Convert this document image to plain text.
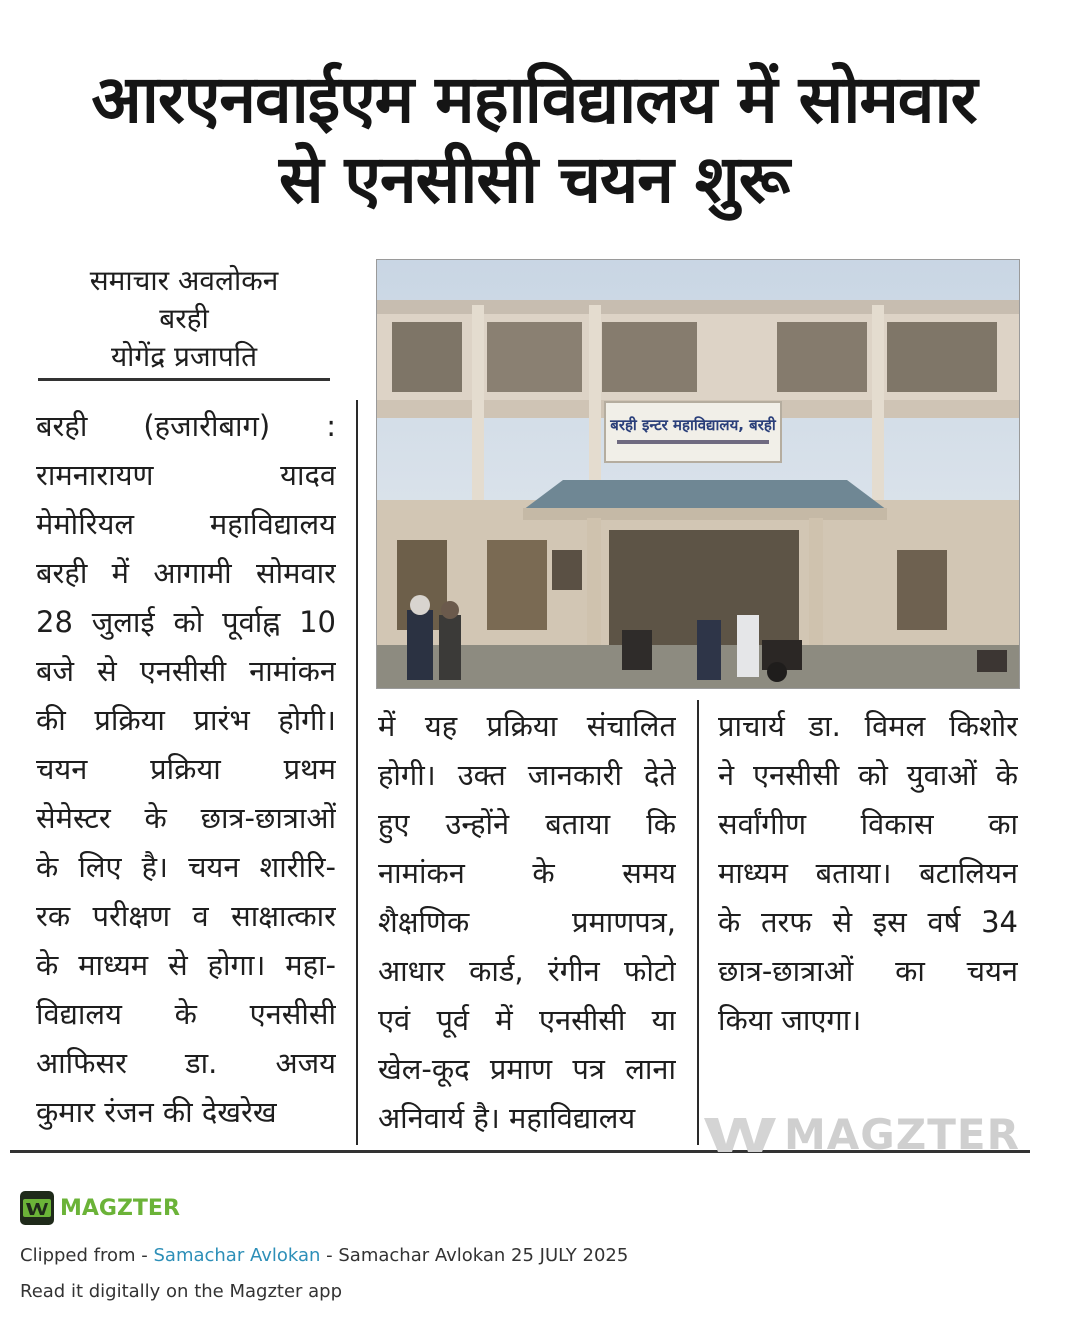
आरएनवाईएम महाविद्यालय में सोमवार
से एनसीसी चयन शुरू
समाचार अवलोकन
बरही
योगेंद्र प्रजापति
बरही (हजारीबाग) :
रामनारायण यादव
मेमोरियल महाविद्यालय
बरही में आगामी सोमवार
28 जुलाई को पूर्वाह्न 10
बजे से एनसीसी नामांकन
की प्रक्रिया प्रारंभ होगी।
चयन प्रक्रिया प्रथम
सेमेस्टर के छात्र-छात्राओं
के लिए है। चयन शारीरि-
रक परीक्षण व साक्षात्कार
के माध्यम से होगा। महा-
विद्यालय के एनसीसी
आफिसर डा. अजय
कुमार रंजन की देखरेख
में यह प्रक्रिया संचालित
होगी। उक्त जानकारी देते
हुए उन्होंने बताया कि
नामांकन के समय
शैक्षणिक प्रमाणपत्र,
आधार कार्ड, रंगीन फोटो
एवं पूर्व में एनसीसी या
खेल-कूद प्रमाण पत्र लाना
अनिवार्य है। महाविद्यालय
प्राचार्य डा. विमल किशोर
ने एनसीसी को युवाओं के
सर्वांगीण विकास का
माध्यम बताया। बटालियन
के तरफ से इस वर्ष 34
छात्र-छात्राओं का चयन
किया जाएगा।
बरही इन्टर महाविद्यालय, बरही
MAGZTER
MAGZTER
Clipped from - Samachar Avlokan - Samachar Avlokan 25 JULY 2025
Read it digitally on the Magzter app
